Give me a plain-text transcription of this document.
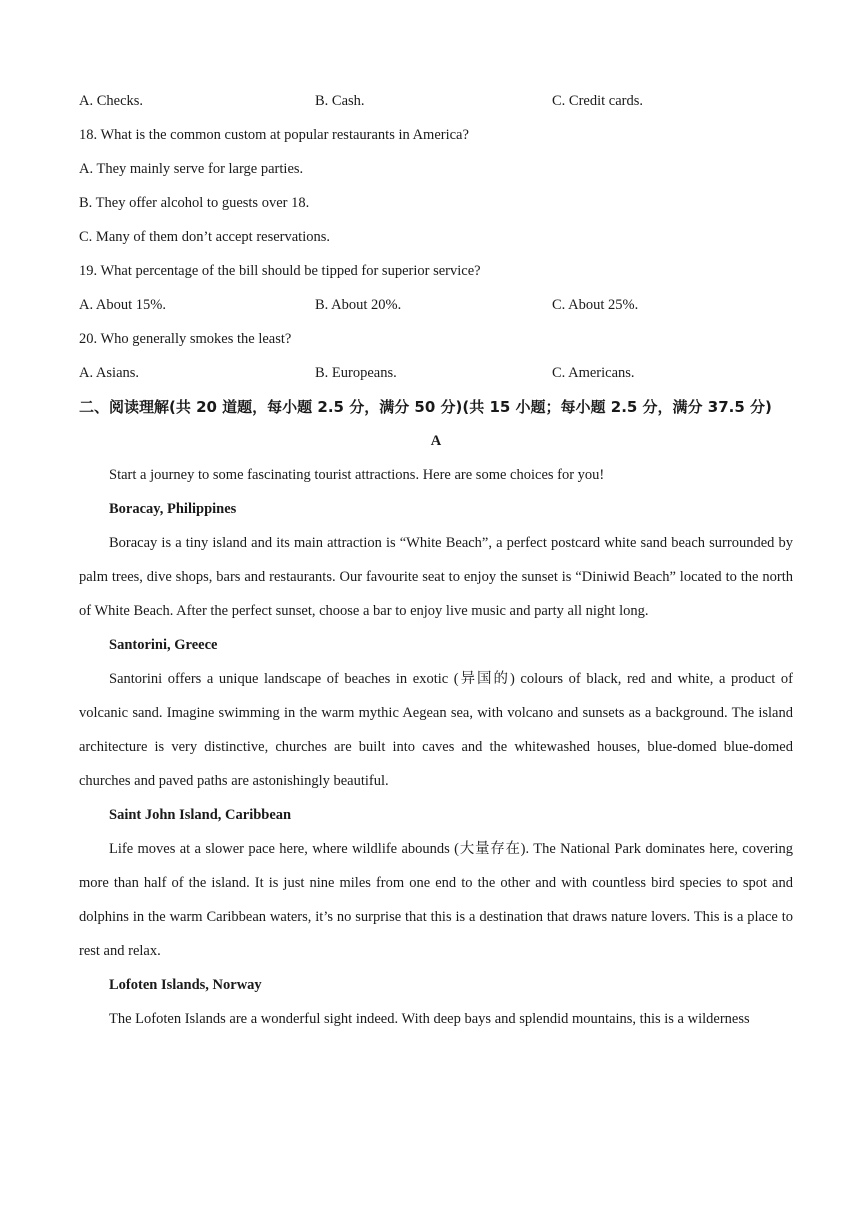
A. Checks.	B. Cash.	C. Credit cards.
18. What is the common custom at popular restaurants in America?
A. They mainly serve for large parties.
B. They offer alcohol to guests over 18.
C. Many of them don’t accept reservations.
19. What percentage of the bill should be tipped for superior service?
A. About 15%.	B. About 20%.	C. About 25%.
20. Who generally smokes the least?
A. Asians.	B. Europeans.	C. Americans.
二、阅读理解(共 20 道题，每小题 2.5 分，满分 50 分)(共 15 小题；每小题 2.5 分，满分 37.5 分)
A
Start a journey to some fascinating tourist attractions. Here are some choices for you!
Boracay, Philippines
Boracay is a tiny island and its main attraction is “White Beach”, a perfect postcard white sand beach surrounded by palm trees, dive shops, bars and restaurants. Our favourite seat to enjoy the sunset is “Diniwid Beach” located to the north of White Beach. After the perfect sunset, choose a bar to enjoy live music and party all night long.
Santorini, Greece
Santorini offers a unique landscape of beaches in exotic (异国的) colours of black, red and white, a product of volcanic sand. Imagine swimming in the warm mythic Aegean sea, with volcano and sunsets as a background. The island architecture is very distinctive, churches are built into caves and the whitewashed houses, blue-domed blue-domed churches and paved paths are astonishingly beautiful.
Saint John Island, Caribbean
Life moves at a slower pace here, where wildlife abounds (大量存在). The National Park dominates here, covering more than half of the island. It is just nine miles from one end to the other and with countless bird species to spot and dolphins in the warm Caribbean waters, it’s no surprise that this is a destination that draws nature lovers. This is a place to rest and relax.
Lofoten Islands, Norway
The Lofoten Islands are a wonderful sight indeed. With deep bays and splendid mountains, this is a wilderness
